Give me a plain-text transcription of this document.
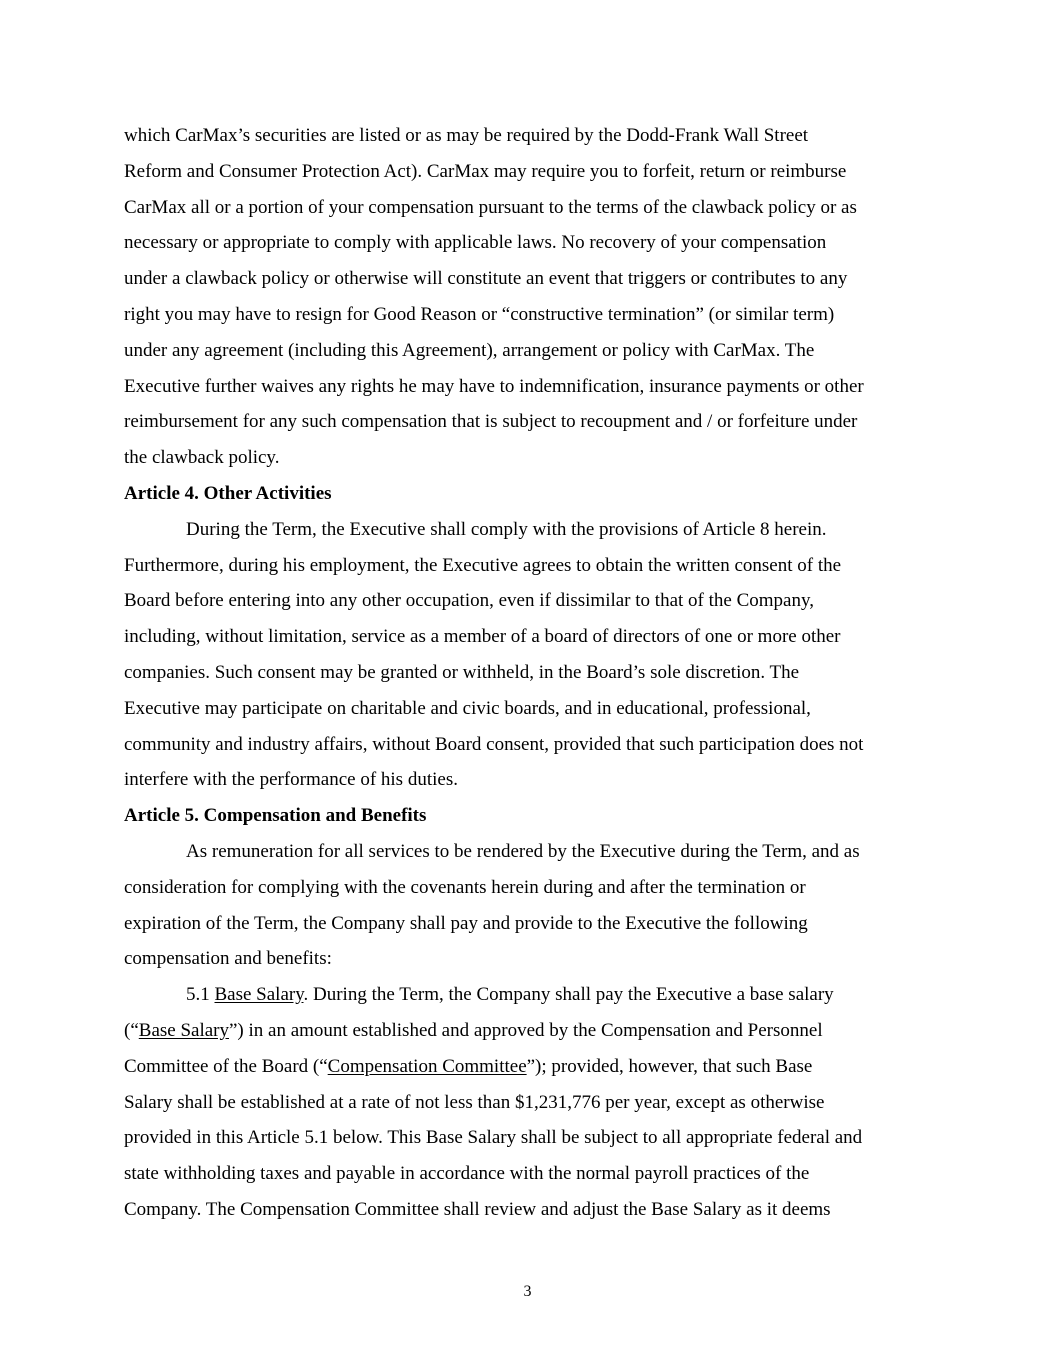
which CarMax’s securities are listed or as may be required by the Dodd-Frank Wall Street
Reform and Consumer Protection Act). CarMax may require you to forfeit, return or reimburse
CarMax all or a portion of your compensation pursuant to the terms of the clawback policy or as
necessary or appropriate to comply with applicable laws. No recovery of your compensation
under a clawback policy or otherwise will constitute an event that triggers or contributes to any
right you may have to resign for Good Reason or “constructive termination” (or similar term)
under any agreement (including this Agreement), arrangement or policy with CarMax. The
Executive further waives any rights he may have to indemnification, insurance payments or other
reimbursement for any such compensation that is subject to recoupment and / or forfeiture under
the clawback policy.
Article 4. Other Activities
During the Term, the Executive shall comply with the provisions of Article 8 herein.
Furthermore, during his employment, the Executive agrees to obtain the written consent of the
Board before entering into any other occupation, even if dissimilar to that of the Company,
including, without limitation, service as a member of a board of directors of one or more other
companies. Such consent may be granted or withheld, in the Board’s sole discretion. The
Executive may participate on charitable and civic boards, and in educational, professional,
community and industry affairs, without Board consent, provided that such participation does not
interfere with the performance of his duties.
Article 5. Compensation and Benefits
As remuneration for all services to be rendered by the Executive during the Term, and as
consideration for complying with the covenants herein during and after the termination or
expiration of the Term, the Company shall pay and provide to the Executive the following
compensation and benefits:
5.1 Base Salary. During the Term, the Company shall pay the Executive a base salary
(“Base Salary”) in an amount established and approved by the Compensation and Personnel
Committee of the Board (“Compensation Committee”); provided, however, that such Base
Salary shall be established at a rate of not less than $1,231,776 per year, except as otherwise
provided in this Article 5.1 below. This Base Salary shall be subject to all appropriate federal and
state withholding taxes and payable in accordance with the normal payroll practices of the
Company. The Compensation Committee shall review and adjust the Base Salary as it deems
3
